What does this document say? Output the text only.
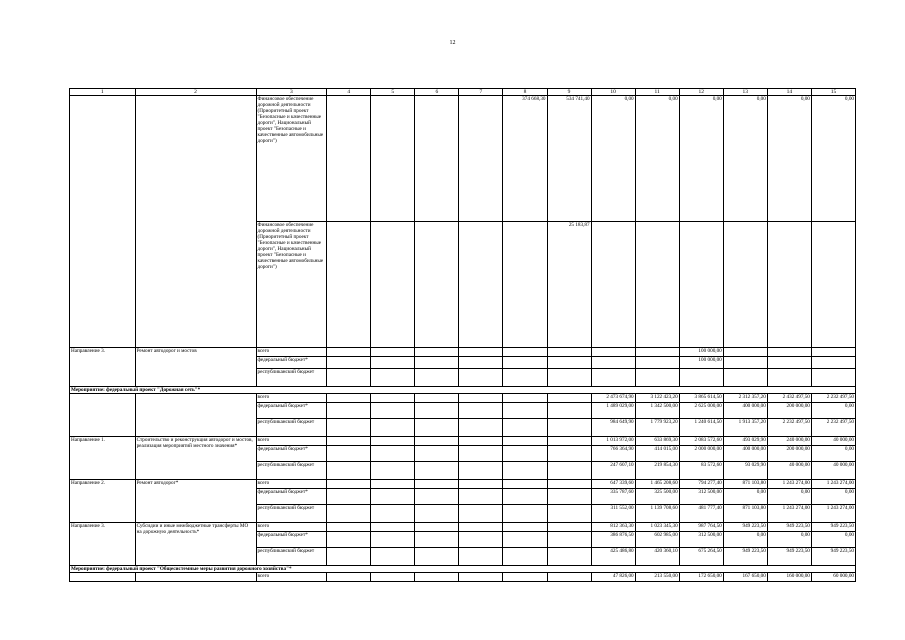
12
1	2	3	4	5	6	7	8	9	10	11	12	13	14	15
		Финансовое обеспечение дорожной деятельности (Приоритетный проект "Безопасные и качественные дороги", Национальный проект "Безопасные и качественные автомобильные дороги")					374 668,30	534 741,40	0,00	0,00	0,00	0,00	0,00	0,00
		Финансовое обеспечение дорожной деятельности (Приоритетный проект "Безопасные и качественные дороги", Национальный проект "Безопасные и качественные автомобильные дороги")						25 183,87						
Направление 3.	Ремонт автодорог и мостов	всего									100 000,00			
		федеральный бюджет*									100 000,00			
		республиканский бюджет												
Мероприятие: федеральный проект "Дорожная сеть"*														
		всего							2 473 674,90	3 122 423,20	3 865 614,50	2 312 357,20	2 432 497,50	2 232 497,50
		федеральный бюджет*							1 489 029,00	1 342 500,00	2 625 000,00	400 000,00	200 000,00	0,00
		республиканский бюджет							984 649,90	1 779 923,20	1 240 614,50	1 913 357,20	2 232 497,50	2 232 497,50
Направление 1.	Строительство и реконструкция автодорог и мостов, реализация мероприятий местного значения*	всего							1 013 972,00	633 869,30	2 083 572,60	493 029,90	240 000,00	40 000,00
		федеральный бюджет*							766 364,90	414 015,00	2 000 000,00	400 000,00	200 000,00	0,00
		республиканский бюджет							247 607,10	219 854,30	83 572,60	93 029,90	40 000,00	40 000,00
Направление 2.	Ремонт автодорог*	всего							647 339,60	1 465 208,60	794 277,40	871 103,80	1 243 274,00	1 243 274,00
		федеральный бюджет*							335 787,60	325 500,00	312 500,00	0,00	0,00	0,00
		республиканский бюджет							311 552,00	1 139 708,60	481 777,40	871 103,80	1 243 274,00	1 243 274,00
Направление 3.	Субсидии и иные межбюджетные трансферты МО на дорожную деятельность*	всего							812 363,30	1 023 345,30	987 764,50	949 223,50	949 223,50	949 223,50
		федеральный бюджет*							386 876,50	602 985,00	312 500,00	0,00	0,00	0,00
		республиканский бюджет							425 486,80	420 360,10	675 264,50	949 223,50	949 223,50	949 223,50
Мероприятие: федеральный проект "Общесистемные меры развития дорожного хозяйства"*														
		всего							47 826,00	213 550,00	172 650,00	167 650,00	160 000,00	60 000,00
